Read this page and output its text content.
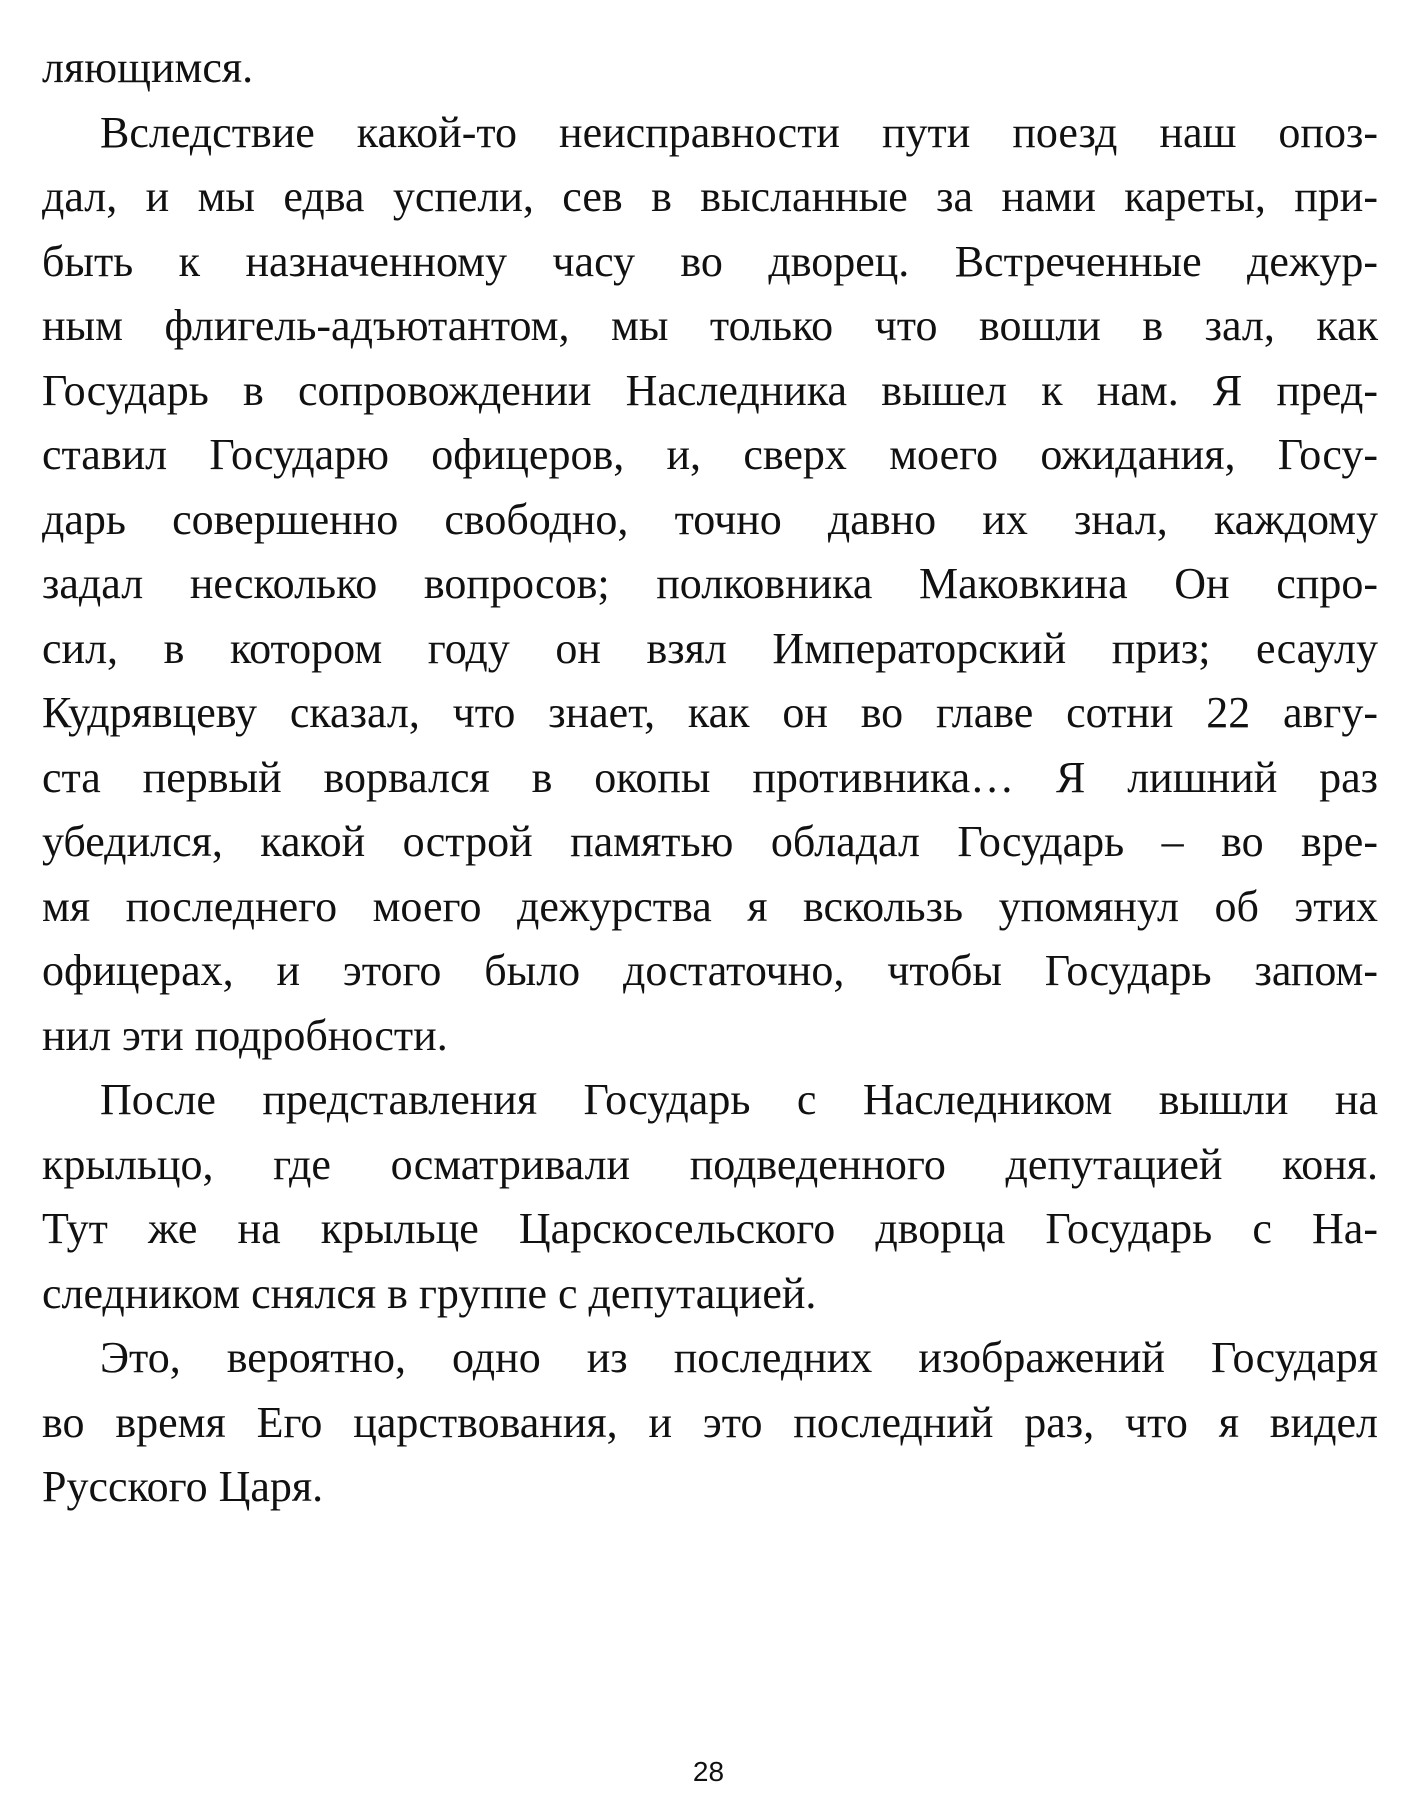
ляющимся.

Вследствие какой-то неисправности пути поезд наш опоз-
дал, и мы едва успели, сев в высланные за нами кареты, при-
быть к назначенному часу во дворец. Встреченные дежур-
ным флигель-адъютантом, мы только что вошли в зал, как
Государь в сопровождении Наследника вышел к нам. Я пред-
ставил Государю офицеров, и, сверх моего ожидания, Госу-
дарь совершенно свободно, точно давно их знал, каждому
задал несколько вопросов; полковника Маковкина Он спро-
сил, в котором году он взял Императорский приз; есаулу
Кудрявцеву сказал, что знает, как он во главе сотни 22 авгу-
ста первый ворвался в окопы противника… Я лишний раз
убедился, какой острой памятью обладал Государь – во вре-
мя последнего моего дежурства я вскользь упомянул об этих
офицерах, и этого было достаточно, чтобы Государь запом-
нил эти подробности.

После представления Государь с Наследником вышли на
крыльцо, где осматривали подведенного депутацией коня.
Тут же на крыльце Царскосельского дворца Государь с На-
следником снялся в группе с депутацией.

Это, вероятно, одно из последних изображений Государя
во время Его царствования, и это последний раз, что я видел
Русского Царя.

28
